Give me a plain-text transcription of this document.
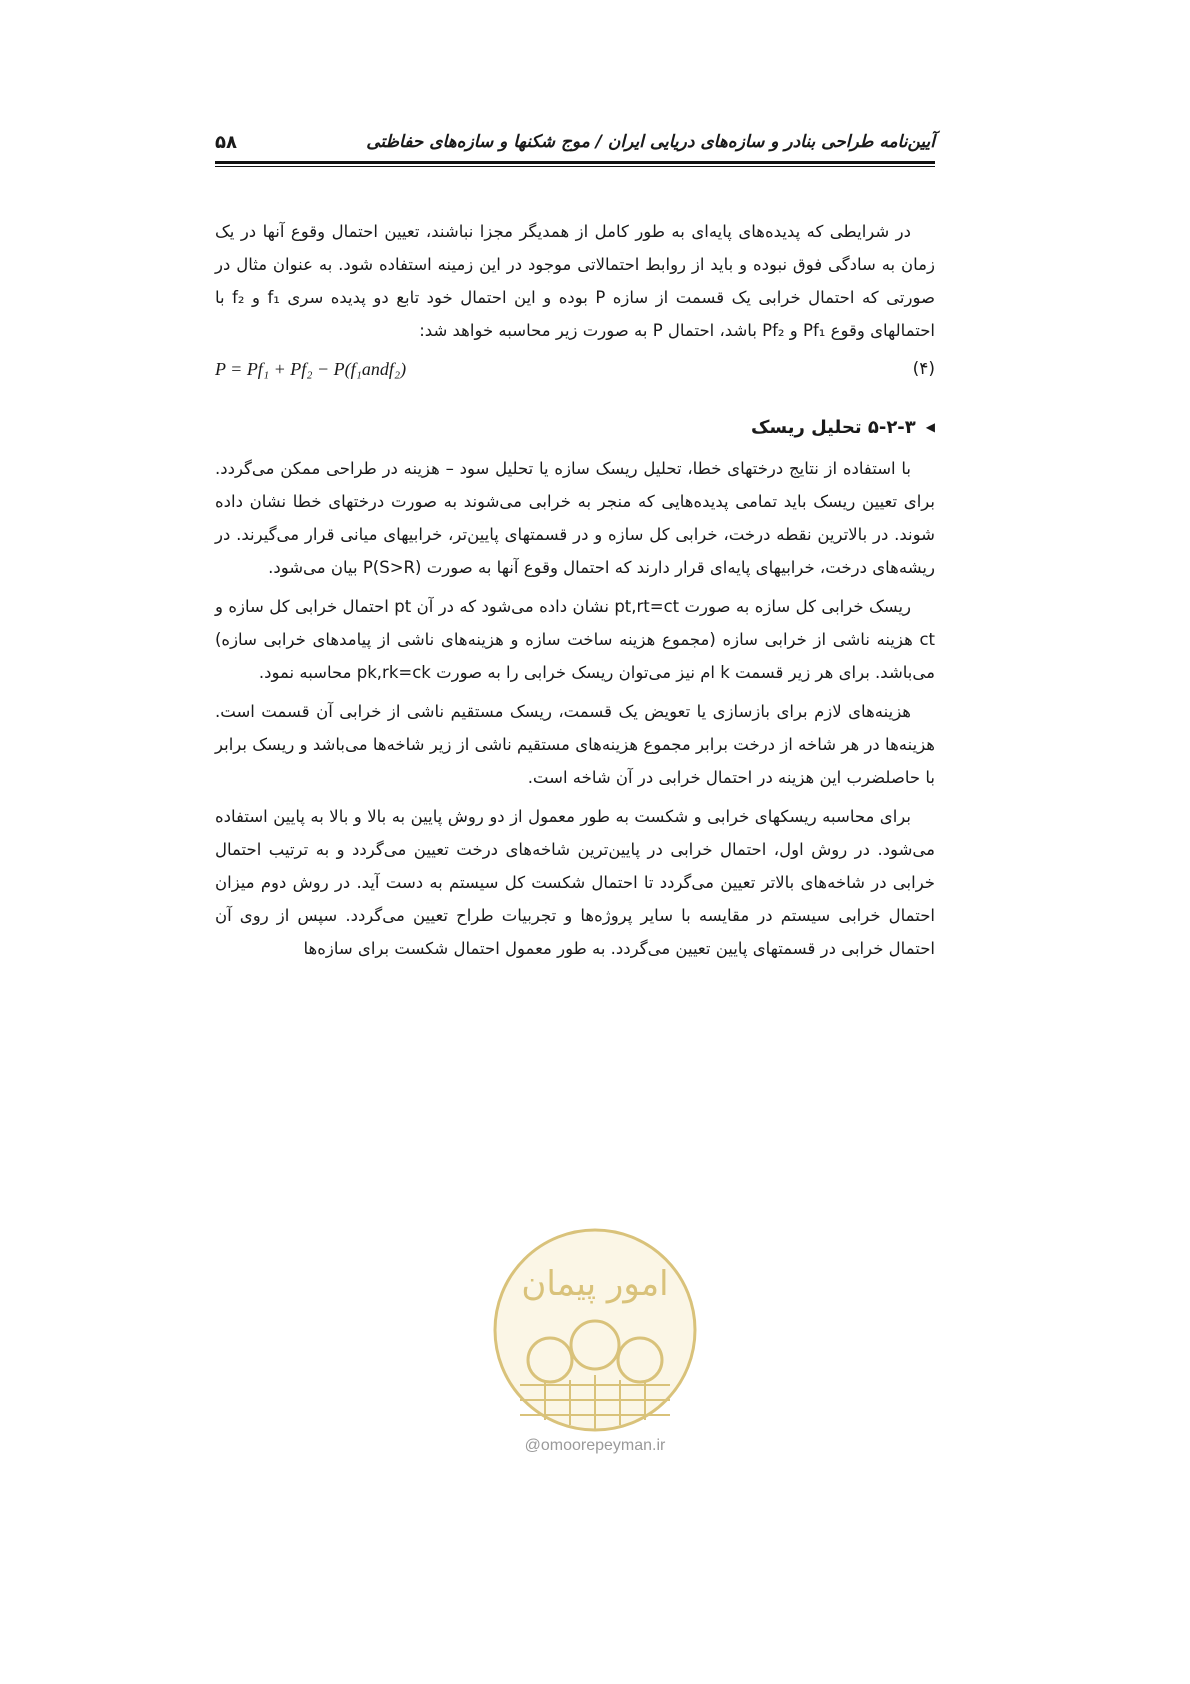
آیین‌نامه طراحی بنادر و سازه‌های دریایی ایران / موج شکنها و سازه‌های حفاظتی
۵۸

در شرایطی که پدیده‌های پایه‌ای به طور کامل از همدیگر مجزا نباشند، تعیین احتمال وقوع آنها در یک زمان به سادگی فوق نبوده و باید از روابط احتمالاتی موجود در این زمینه استفاده شود. به عنوان مثال در صورتی که احتمال خرابی یک قسمت از سازه P بوده و این احتمال خود تابع دو پدیده سری f₁ و f₂ با احتمالهای وقوع Pf₁ و Pf₂ باشد، احتمال P به صورت زیر محاسبه خواهد شد:

(۴)
P = Pf₁ + Pf₂ − P(f₁andf₂)
◀
۵-۲-۳ تحلیل ریسک

با استفاده از نتایج درختهای خطا، تحلیل ریسک سازه یا تحلیل سود – هزینه در طراحی ممکن می‌گردد. برای تعیین ریسک باید تمامی پدیده‌هایی که منجر به خرابی می‌شوند به صورت درختهای خطا نشان داده شوند. در بالاترین نقطه درخت، خرابی کل سازه و در قسمتهای پایین‌تر، خرابیهای میانی قرار می‌گیرند. در ریشه‌های درخت، خرابیهای پایه‌ای قرار دارند که احتمال وقوع آنها به صورت P(S>R) بیان می‌شود.

ریسک خرابی کل سازه به صورت pt,rt=ct نشان داده می‌شود که در آن pt احتمال خرابی کل سازه و ct هزینه ناشی از خرابی سازه (مجموع هزینه ساخت سازه و هزینه‌های ناشی از پیامدهای خرابی سازه) می‌باشد. برای هر زیر قسمت k ام نیز می‌توان ریسک خرابی را به صورت pk,rk=ck محاسبه نمود.

هزینه‌های لازم برای بازسازی یا تعویض یک قسمت، ریسک مستقیم ناشی از خرابی آن قسمت است. هزینه‌ها در هر شاخه از درخت برابر مجموع هزینه‌های مستقیم ناشی از زیر شاخه‌ها می‌باشد و ریسک برابر با حاصلضرب این هزینه در احتمال خرابی در آن شاخه است.

برای محاسبه ریسکهای خرابی و شکست به طور معمول از دو روش پایین به بالا و بالا به پایین استفاده می‌شود. در روش اول، احتمال خرابی در پایین‌ترین شاخه‌های درخت تعیین می‌گردد و به ترتیب احتمال خرابی در شاخه‌های بالاتر تعیین می‌گردد تا احتمال شکست کل سیستم به دست آید. در روش دوم میزان احتمال خرابی سیستم در مقایسه با سایر پروژه‌ها و تجربیات طراح تعیین می‌گردد. سپس از روی آن احتمال خرابی در قسمتهای پایین تعیین می‌گردد. به طور معمول احتمال شکست برای سازه‌ها

امور پیمان
@omoorepeyman.ir
